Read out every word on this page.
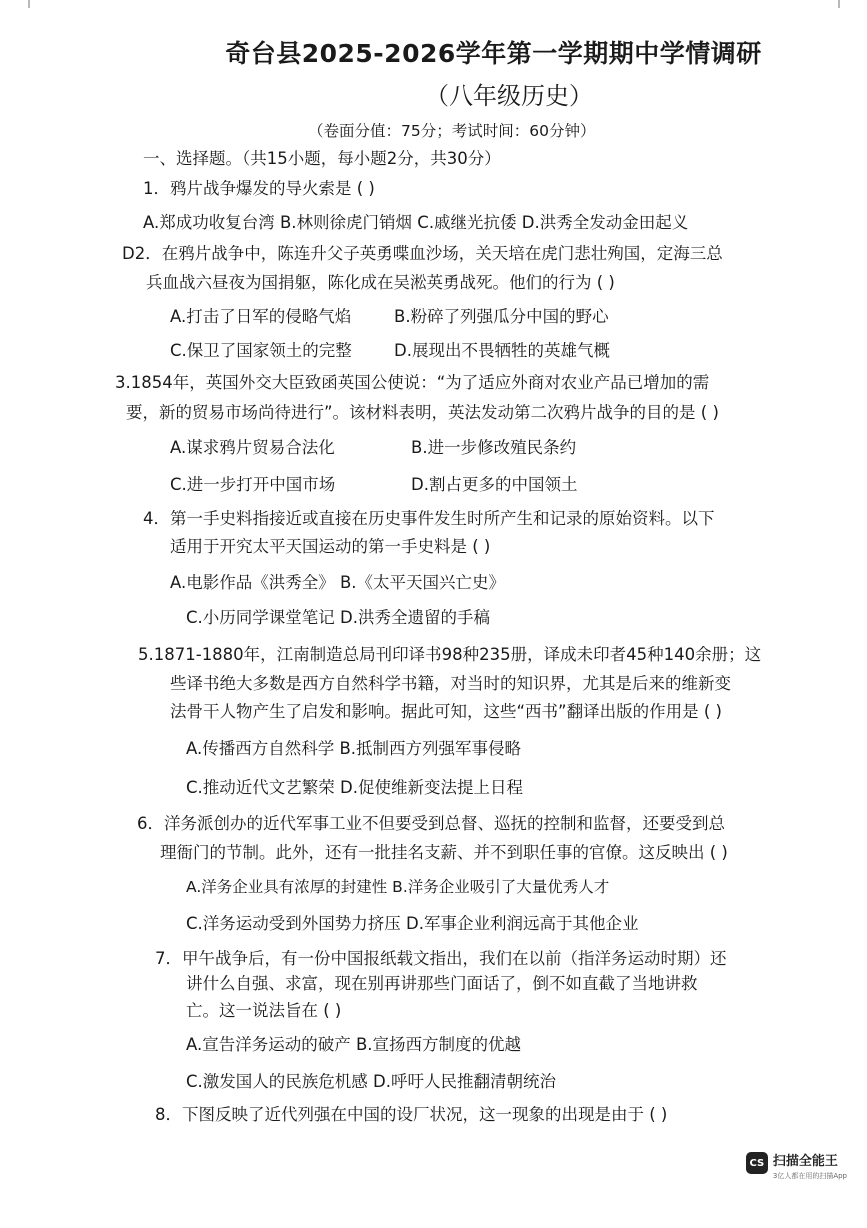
奇台县2025-2026学年第一学期期中学情调研
（八年级历史）
（卷面分值：75分；考试时间：60分钟）
一、选择题。（共15小题，每小题2分，共30分）
1．鸦片战争爆发的导火索是 ( )
A.郑成功收复台湾 B.林则徐虎门销烟 C.戚继光抗倭 D.洪秀全发动金田起义
D2．在鸦片战争中，陈连升父子英勇喋血沙场，关天培在虎门悲壮殉国，定海三总
兵血战六昼夜为国捐躯，陈化成在吴淞英勇战死。他们的行为 ( )
A.打击了日军的侵略气焰	B.粉碎了列强瓜分中国的野心
C.保卫了国家领土的完整	D.展现出不畏牺牲的英雄气概
3.1854年，英国外交大臣致函英国公使说：“为了适应外商对农业产品已增加的需
要，新的贸易市场尚待进行”。该材料表明，英法发动第二次鸦片战争的目的是 ( )
A.谋求鸦片贸易合法化	B.进一步修改殖民条约
C.进一步打开中国市场	D.割占更多的中国领土
4．第一手史料指接近或直接在历史事件发生时所产生和记录的原始资料。以下
适用于开究太平天国运动的第一手史料是 ( )
A.电影作品《洪秀全》 B.《太平天国兴亡史》
C.小历同学课堂笔记 D.洪秀全遗留的手稿
5.1871-1880年，江南制造总局刊印译书98种235册，译成未印者45种140余册；这
些译书绝大多数是西方自然科学书籍，对当时的知识界，尤其是后来的维新变
法骨干人物产生了启发和影响。据此可知，这些“西书”翻译出版的作用是 ( )
A.传播西方自然科学 B.抵制西方列强军事侵略
C.推动近代文艺繁荣 D.促使维新变法提上日程
6．洋务派创办的近代军事工业不但要受到总督、巡抚的控制和监督，还要受到总
理衙门的节制。此外，还有一批挂名支薪、并不到职任事的官僚。这反映出 ( )
A.洋务企业具有浓厚的封建性 B.洋务企业吸引了大量优秀人才
C.洋务运动受到外国势力挤压 D.军事企业利润远高于其他企业
7．甲午战争后，有一份中国报纸载文指出，我们在以前（指洋务运动时期）还
讲什么自强、求富，现在别再讲那些门面话了，倒不如直截了当地讲救
亡。这一说法旨在 ( )
A.宣告洋务运动的破产 B.宣扬西方制度的优越
C.激发国人的民族危机感 D.呼吁人民推翻清朝统治
8．下图反映了近代列强在中国的设厂状况，这一现象的出现是由于 ( )
CS 扫描全能王
3亿人都在用的扫描App
